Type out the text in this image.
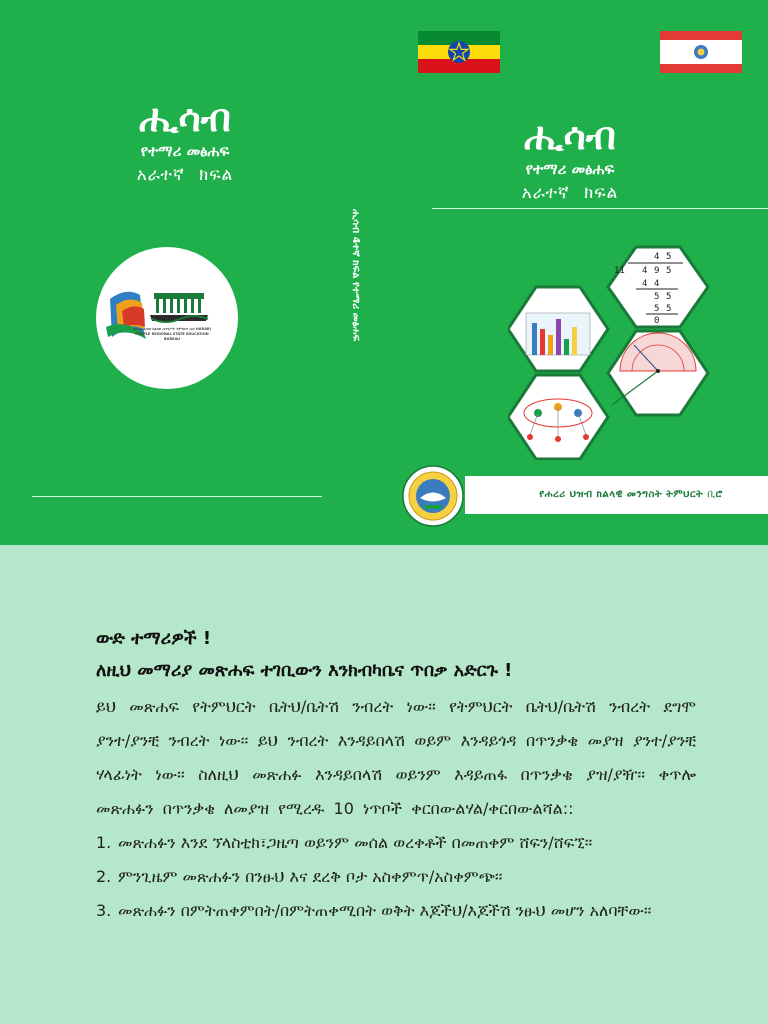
ሒሳብ
የተማሪ መፅሐፍ
አራተኛ ክፍል
በሐረሪ ሕዝብ ክልላዊ መንግሥት ትምህርት ቢሮ HARARI PEOPLE REGIONAL STATE EDUCATION BUREAU	ሒሳብ 4ተኛ ክፍል የተማሪ መፅሐፍ
ሒሳብ
የተማሪ መፅሐፍ
አራተኛ ክፍል
4 5
11 4 9 5
4 4
5 5
5 5
0
የሐረሪ ህዝብ ክልላዊ መንግስት ትምህርት ቢሮ
ውድ ተማሪዎች !
ለዚህ መማሪያ መጽሐፍ ተገቢውን እንክብካቤና ጥበቃ አድርጉ !
ይህ መጽሐፍ የትምህርት ቤትህ/ቤትሽ ንብረት ነው፡፡ የትምህርት ቤትህ/ቤትሽ ንብረት ደግሞ ያንተ/ያንቺ ንብረት ነው፡፡ ይህ ንብረት እንዳይበላሽ ወይም እንዳይጎዳ በጥንቃቄ መያዝ ያንተ/ያንቺ ሃላፊነት ነው፡፡ ስለዚህ መጽሐፉ እንዳይበላሽ ወይንም እዳይጠፋ በጥንቃቄ ያዝ/ያዥ፡፡ ቀጥሎ መጽሐፉን በጥንቃቄ ለመያዝ የሚረዱ 10 ነጥቦች ቀርበውልሃል/ቀርበውልሻል::
1. መጽሐፉን እንደ ኘላስቲክ፣ጋዜጣ ወይንም መሰል ወረቀቶች በመጠቀም ሸፍን/ሸፍኚ፡፡
2. ምንጊዜም መጽሐፉን በንፁህ እና ደረቅ ቦታ አስቀምጥ/አስቀምጭ፡፡
3. መጽሐፉን በምትጠቀምበት/በምትጠቀሚበት ወቅት እጆችህ/እጆችሽ ንፁህ መሆን አለባቸው፡፡
